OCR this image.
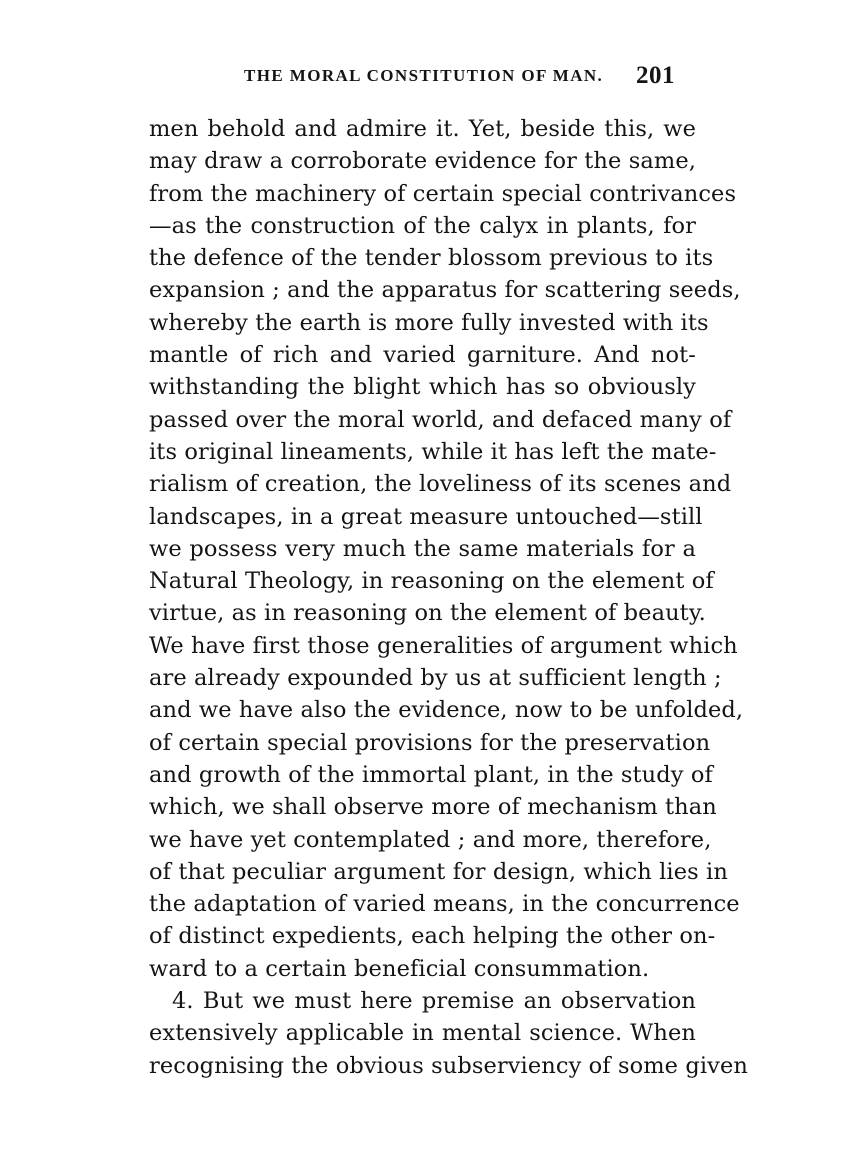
THE MORAL CONSTITUTION OF MAN. 201
men behold and admire it. Yet, beside this, we
may draw a corroborate evidence for the same,
from the machinery of certain special contrivances
—as the construction of the calyx in plants, for
the defence of the tender blossom previous to its
expansion ; and the apparatus for scattering seeds,
whereby the earth is more fully invested with its
mantle of rich and varied garniture. And not-
withstanding the blight which has so obviously
passed over the moral world, and defaced many of
its original lineaments, while it has left the mate-
rialism of creation, the loveliness of its scenes and
landscapes, in a great measure untouched—still
we possess very much the same materials for a
Natural Theology, in reasoning on the element of
virtue, as in reasoning on the element of beauty.
We have first those generalities of argument which
are already expounded by us at sufficient length ;
and we have also the evidence, now to be unfolded,
of certain special provisions for the preservation
and growth of the immortal plant, in the study of
which, we shall observe more of mechanism than
we have yet contemplated ; and more, therefore,
of that peculiar argument for design, which lies in
the adaptation of varied means, in the concurrence
of distinct expedients, each helping the other on-
ward to a certain beneficial consummation.
4. But we must here premise an observation
extensively applicable in mental science. When
recognising the obvious subserviency of some given
